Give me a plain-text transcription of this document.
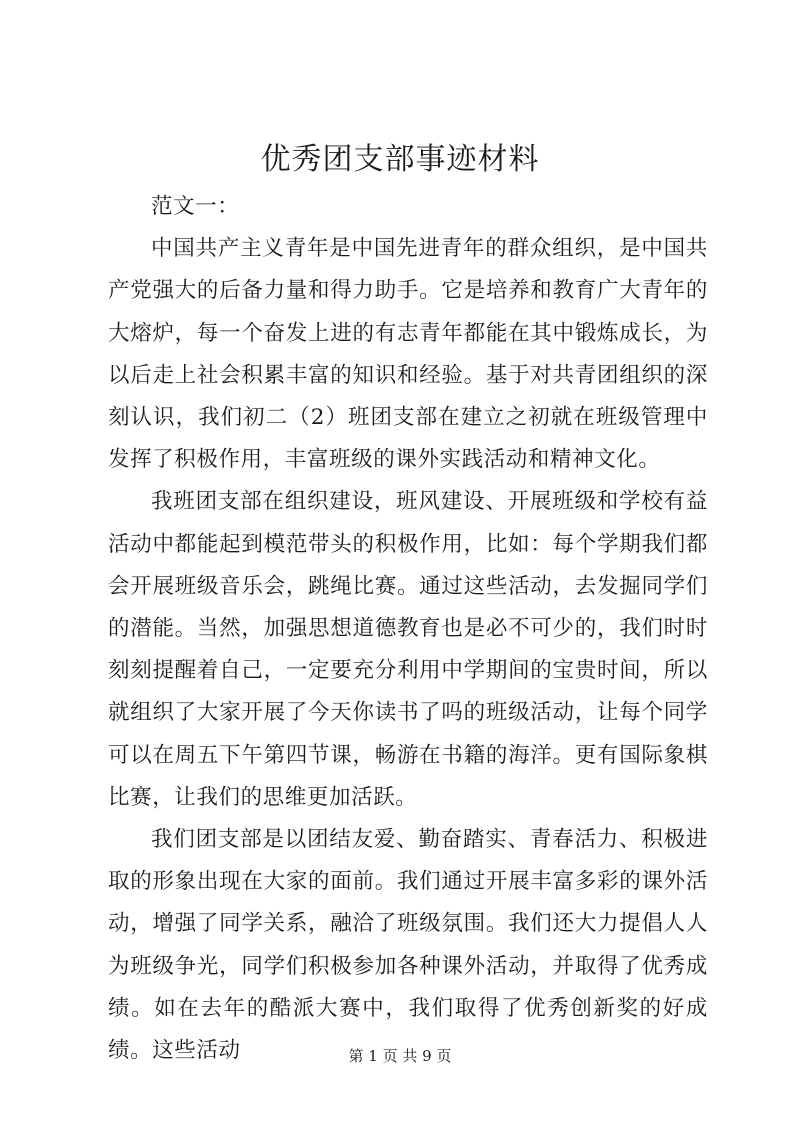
优秀团支部事迹材料

范文一：

中国共产主义青年是中国先进青年的群众组织，是中国共产党强大的后备力量和得力助手。它是培养和教育广大青年的大熔炉，每一个奋发上进的有志青年都能在其中锻炼成长，为以后走上社会积累丰富的知识和经验。基于对共青团组织的深刻认识，我们初二（2）班团支部在建立之初就在班级管理中发挥了积极作用，丰富班级的课外实践活动和精神文化。

我班团支部在组织建设，班风建设、开展班级和学校有益活动中都能起到模范带头的积极作用，比如：每个学期我们都会开展班级音乐会，跳绳比赛。通过这些活动，去发掘同学们的潜能。当然，加强思想道德教育也是必不可少的，我们时时刻刻提醒着自己，一定要充分利用中学期间的宝贵时间，所以就组织了大家开展了今天你读书了吗的班级活动，让每个同学可以在周五下午第四节课，畅游在书籍的海洋。更有国际象棋比赛，让我们的思维更加活跃。

我们团支部是以团结友爱、勤奋踏实、青春活力、积极进取的形象出现在大家的面前。我们通过开展丰富多彩的课外活动，增强了同学关系，融洽了班级氛围。我们还大力提倡人人为班级争光，同学们积极参加各种课外活动，并取得了优秀成绩。如在去年的酷派大赛中，我们取得了优秀创新奖的好成绩。这些活动	第 1 页 共 9 页
